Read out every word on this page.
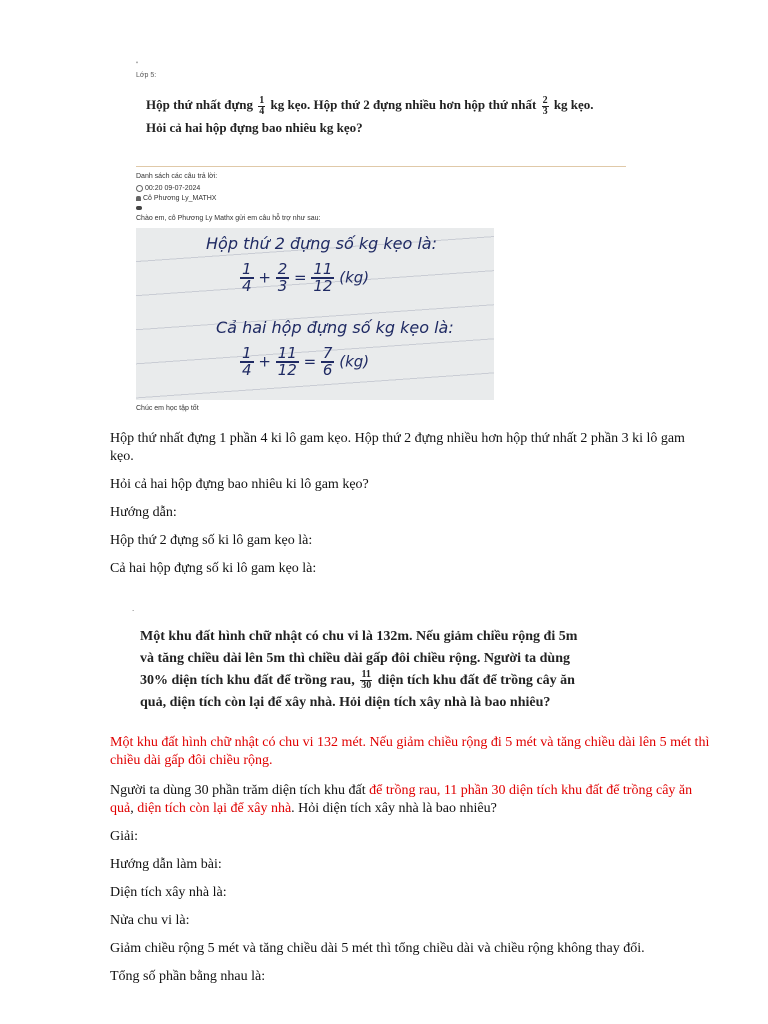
“
Lớp 5:
Hộp thứ nhất đựng $\frac{1}{4}$ kg kẹo. Hộp thứ 2 đựng nhiều hơn hộp thứ nhất $\frac{2}{3}$ kg kẹo.
Hỏi cả hai hộp đựng bao nhiêu kg kẹo?
Danh sách các câu trả lời:
00:20 09-07-2024
Cô Phương Ly_MATHX
Chào em, cô Phương Ly Mathx gửi em câu hỗ trợ như sau:
Hộp thứ 2 đựng số kg kẹo là:
$\frac{1}{4} + \frac{2}{3} = \frac{11}{12} (kg)$
Cả hai hộp đựng số kg kẹo là:
$\frac{1}{4} + \frac{11}{12} = \frac{7}{6} (kg)$
Chúc em học tập tốt

Hộp thứ nhất đựng 1 phần 4 ki lô gam kẹo. Hộp thứ 2 đựng nhiều hơn hộp thứ nhất 2 phần 3 ki lô gam kẹo.

Hỏi cả hai hộp đựng bao nhiêu ki lô gam kẹo?

Hướng dẫn:

Hộp thứ 2 đựng số ki lô gam kẹo là:

Cả hai hộp đựng số ki lô gam kẹo là:

.
Một khu đất hình chữ nhật có chu vi là 132m. Nếu giảm chiều rộng đi 5m
và tăng chiều dài lên 5m thì chiều dài gấp đôi chiều rộng. Người ta dùng
30% diện tích khu đất để trồng rau, $\frac{11}{30}$ diện tích khu đất để trồng cây ăn
quả, diện tích còn lại để xây nhà. Hỏi diện tích xây nhà là bao nhiêu?

Một khu đất hình chữ nhật có chu vi 132 mét. Nếu giảm chiều rộng đi 5 mét và tăng chiều dài lên 5 mét thì chiều dài gấp đôi chiều rộng.

Người ta dùng 30 phần trăm diện tích khu đất để trồng rau, 11 phần 30 diện tích khu đất để trồng cây ăn quả, diện tích còn lại để xây nhà. Hỏi diện tích xây nhà là bao nhiêu?

Giải:

Hướng dẫn làm bài:

Diện tích xây nhà là:

Nửa chu vi là:

Giảm chiều rộng 5 mét và tăng chiều dài 5 mét thì tổng chiều dài và chiều rộng không thay đổi.

Tổng số phần bằng nhau là:
